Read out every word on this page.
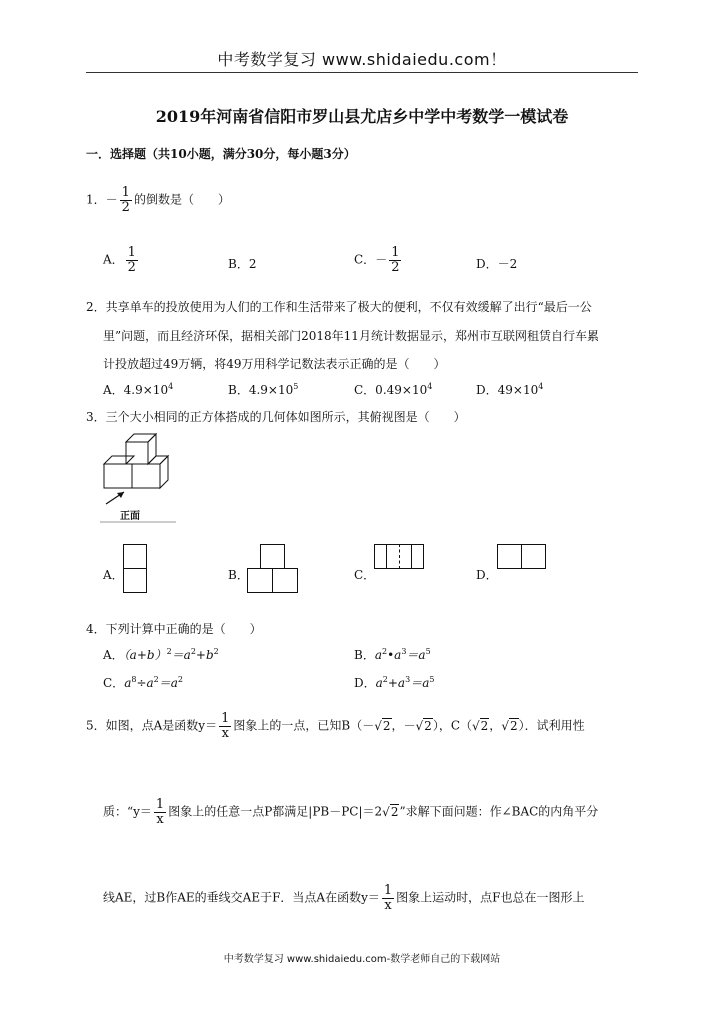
中考数学复习 www.shidaiedu.com！
2019年河南省信阳市罗山县尤店乡中学中考数学一模试卷
一．选择题（共10小题，满分30分，每小题3分）
1．－ $\frac{1}{2}$ 的倒数是（　　）
A． $\frac{1}{2}$	B．2	C．－ $\frac{1}{2}$	D．－2
2．共享单车的投放使用为人们的工作和生活带来了极大的便利，不仅有效缓解了出行“最后一公
里”问题，而且经济环保，据相关部门2018年11月统计数据显示，郑州市互联网租赁自行车累
计投放超过49万辆，将49万用科学记数法表示正确的是（　　）
A．$4.9\times 10^4$	B．$4.9\times 10^5$	C．$0.49\times 10^4$	D．$49\times 10^4$
3．三个大小相同的正方体搭成的几何体如图所示，其俯视图是（　　）
正面
A．	B．	C．	D．
4．下列计算中正确的是（　　）
A．$(a+b)^2=a^2+b^2$	B．$a^2•a^3=a^5$
C．$a^8\div a^2=a^2$	D．$a^2+a^3=a^5$
5．如图，点A是函数$y= \frac{1}{x}$ 图象上的一点，已知B（－√2，－√2），C（√2，√2）．试利用性
质：“$y= \frac{1}{x}$ 图象上的任意一点P都满足|PB－PC|＝2√2”求解下面问题：作∠BAC的内角平分
线AE，过B作AE的垂线交AE于F．当点A在函数$y= \frac{1}{x}$ 图象上运动时，点F也总在一图形上
中考数学复习 www.shidaiedu.com-数学老师自己的下载网站
